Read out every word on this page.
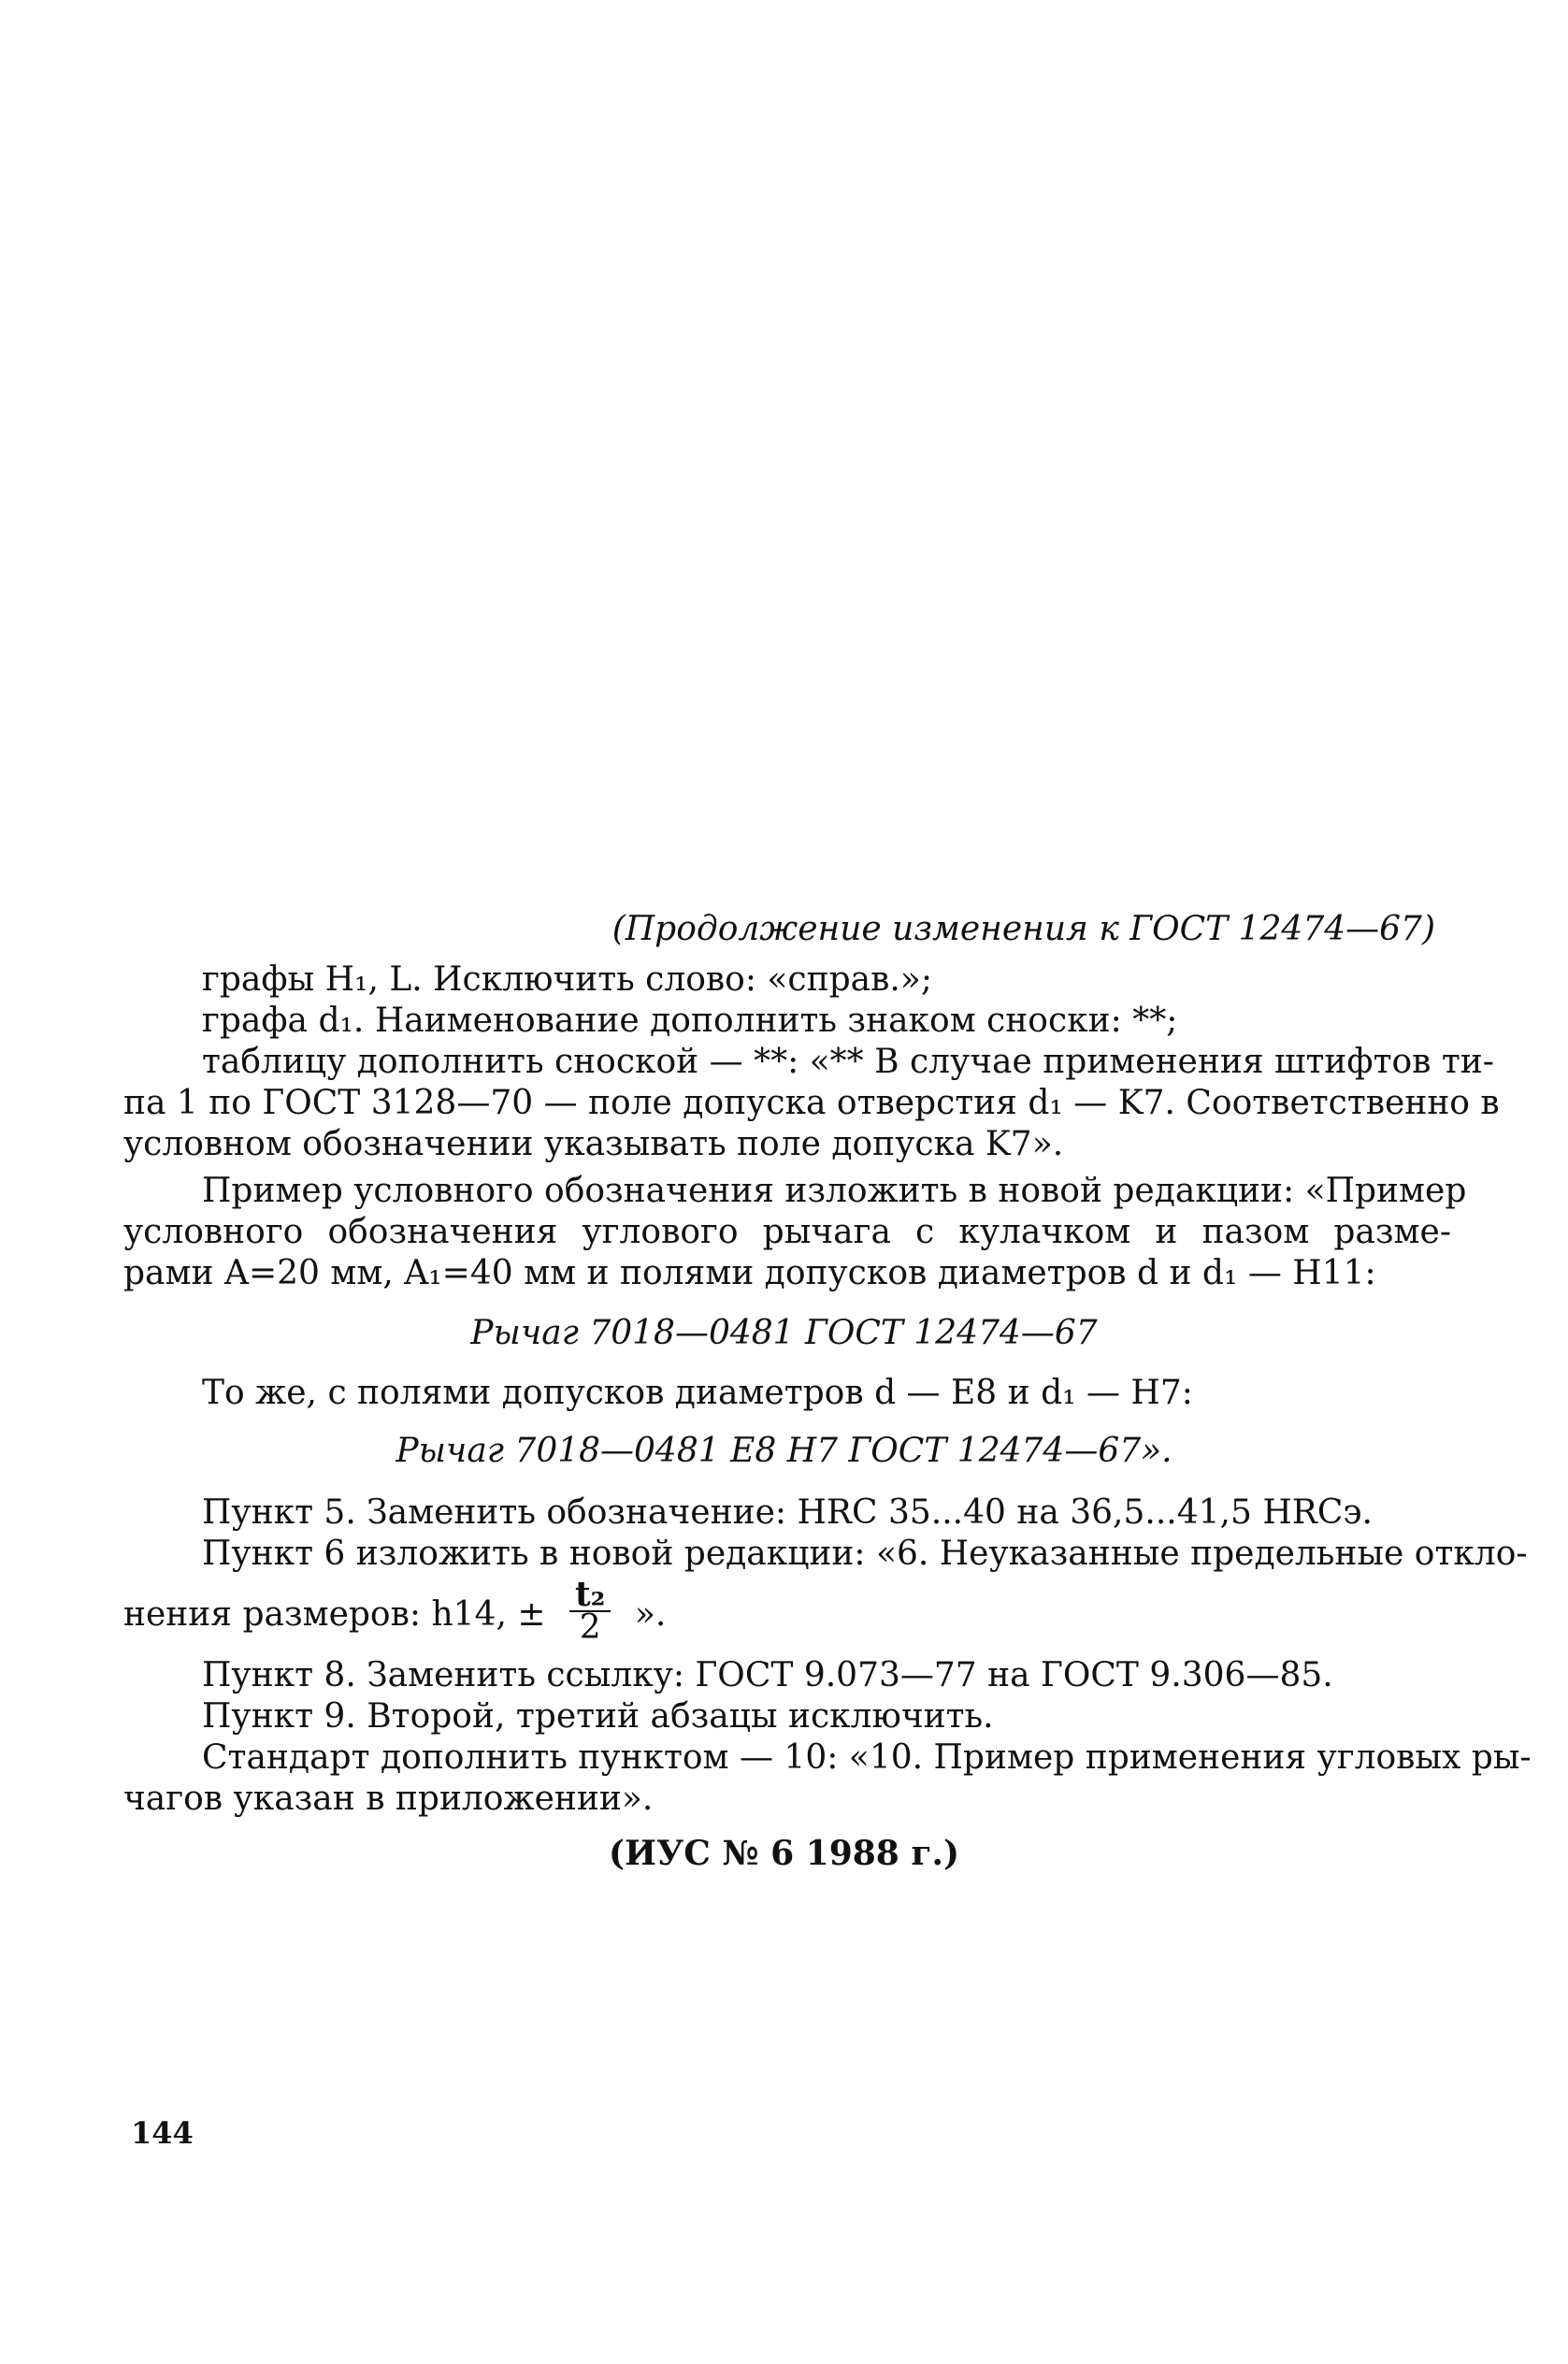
(Продолжение изменения к ГОСТ 12474—67)
графы H₁, L. Исключить слово: «справ.»;
графа d₁. Наименование дополнить знаком сноски: **;
таблицу дополнить сноской — **: «** В случае применения штифтов ти-
па 1 по ГОСТ 3128—70 — поле допуска отверстия d₁ — K7. Соответственно в
условном обозначении указывать поле допуска K7».
Пример условного обозначения изложить в новой редакции: «Пример
условного обозначения углового рычага с кулачком и пазом разме-
рами A=20 мм, A₁=40 мм и полями допусков диаметров d и d₁ — H11:
Рычаг 7018—0481 ГОСТ 12474—67
То же, с полями допусков диаметров d — E8 и d₁ — H7:
Рычаг 7018—0481 E8 H7 ГОСТ 12474—67».
Пункт 5. Заменить обозначение: HRC 35...40 на 36,5...41,5 HRCэ.
Пункт 6 изложить в новой редакции: «6. Неуказанные предельные откло-
нения размеров: h14, ± $\frac{\text{t₂}}{2}$ ».
Пункт 8. Заменить ссылку: ГОСТ 9.073—77 на ГОСТ 9.306—85.
Пункт 9. Второй, третий абзацы исключить.
Стандарт дополнить пунктом — 10: «10. Пример применения угловых ры-
чагов указан в приложении».
(ИУС № 6 1988 г.)
144
